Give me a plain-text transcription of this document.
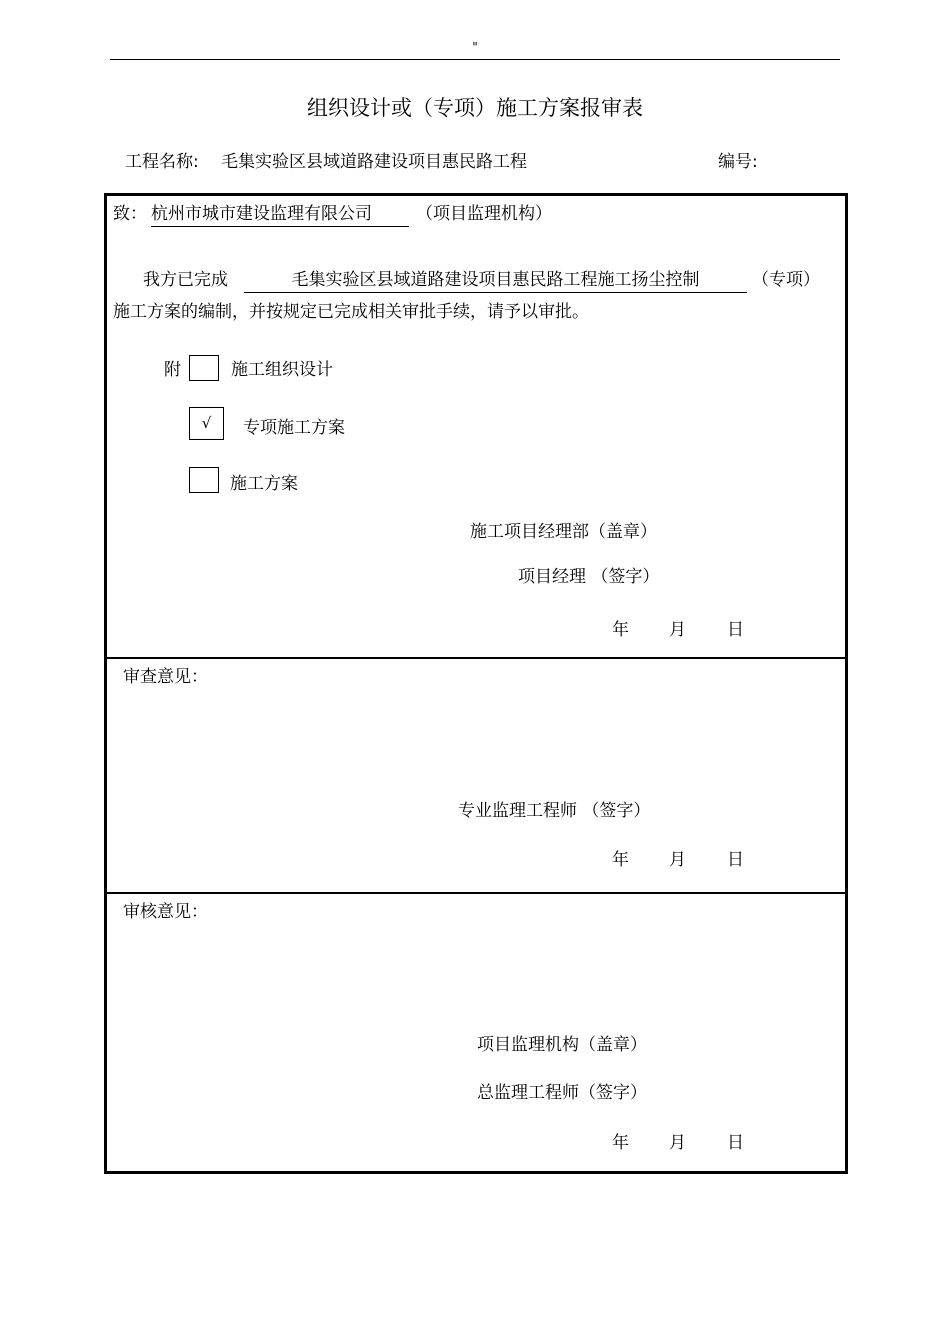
"
组织设计或（专项）施工方案报审表
工程名称: 毛集实验区县域道路建设项目惠民路工程	编号:
致： 杭州市城市建设监理有限公司	（项目监理机构）
我方已完成	毛集实验区县域道路建设项目惠民路工程施工扬尘控制	（专项）
施工方案的编制，并按规定已完成相关审批手续，请予以审批。
附	施工组织设计
√	专项施工方案
施工方案
施工项目经理部（盖章）
项目经理 （签字）
年 月 日
审查意见：
专业监理工程师 （签字）
年 月 日
审核意见：
项目监理机构（盖章）
总监理工程师（签字）
年 月 日
